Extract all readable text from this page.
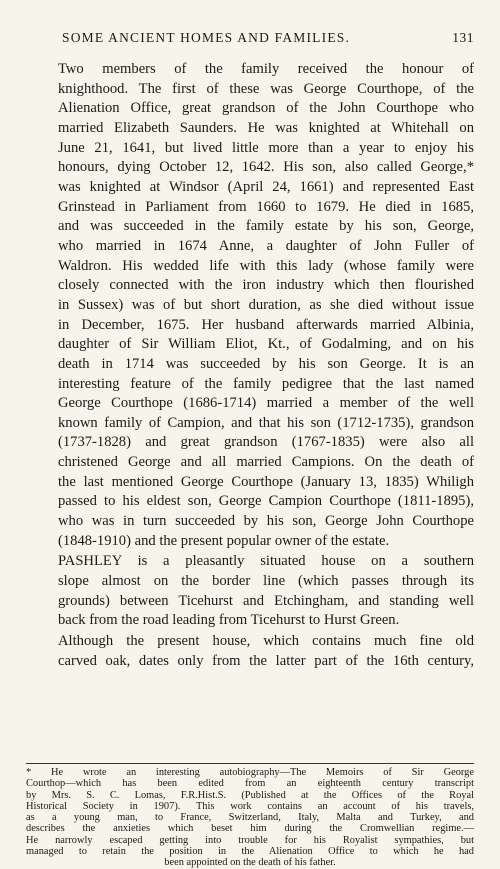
SOME ANCIENT HOMES AND FAMILIES.	131

Two members of the family received the honour of
knighthood. The first of these was George Courthope, of the
Alienation Office, great grandson of the John Courthope who
married Elizabeth Saunders. He was knighted at Whitehall on
June 21, 1641, but lived little more than a year to enjoy his
honours, dying October 12, 1642. His son, also called George,*
was knighted at Windsor (April 24, 1661) and represented East
Grinstead in Parliament from 1660 to 1679. He died in 1685,
and was succeeded in the family estate by his son, George,
who married in 1674 Anne, a daughter of John Fuller of
Waldron. His wedded life with this lady (whose family were
closely connected with the iron industry which then flourished
in Sussex) was of but short duration, as she died without issue
in December, 1675. Her husband afterwards married Albinia,
daughter of Sir William Eliot, Kt., of Godalming, and on his
death in 1714 was succeeded by his son George. It is an
interesting feature of the family pedigree that the last named
George Courthope (1686-1714) married a member of the well
known family of Campion, and that his son (1712-1735), grandson
(1737-1828) and great grandson (1767-1835) were also all
christened George and all married Campions. On the death of
the last mentioned George Courthope (January 13, 1835) Whiligh
passed to his eldest son, George Campion Courthope (1811-1895),
who was in turn succeeded by his son, George John Courthope
(1848-1910) and the present popular owner of the estate.

PASHLEY is a pleasantly situated house on a southern
slope almost on the border line (which passes through its
grounds) between Ticehurst and Etchingham, and standing well
back from the road leading from Ticehurst to Hurst Green.

Although the present house, which contains much fine old
carved oak, dates only from the latter part of the 16th century,

* He wrote an interesting autobiography—The Memoirs of Sir George
Courthop—which has been edited from an eighteenth century transcript
by Mrs. S. C. Lomas, F.R.Hist.S. (Published at the Offices of the Royal
Historical Society in 1907). This work contains an account of his travels,
as a young man, to France, Switzerland, Italy, Malta and Turkey, and
describes the anxieties which beset him during the Cromwellian regime.—
He narrowly escaped getting into trouble for his Royalist sympathies, but
managed to retain the position in the Alienation Office to which he had
been appointed on the death of his father.
